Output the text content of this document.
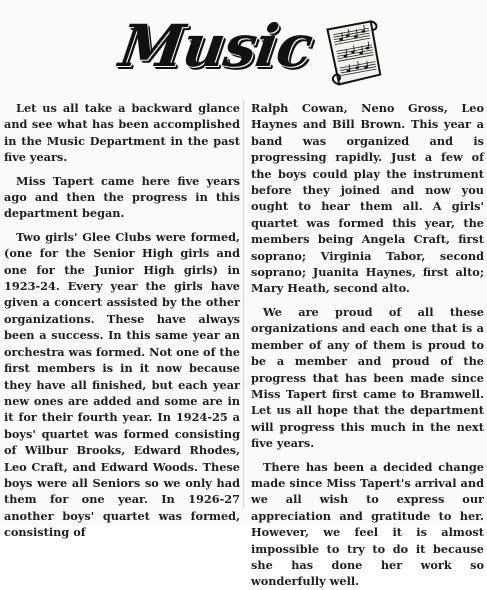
Music

Let us all take a backward glance and see what has been accomplished in the Music Department in the past five years.

Miss Tapert came here five years ago and then the progress in this department began.

Two girls' Glee Clubs were formed, (one for the Senior High girls and one for the Junior High girls) in 1923-24. Every year the girls have given a concert assisted by the other organizations. These have always been a success. In this same year an orchestra was formed. Not one of the first members is in it now because they have all finished, but each year new ones are added and some are in it for their fourth year. In 1924-25 a boys' quartet was formed consisting of Wilbur Brooks, Edward Rhodes, Leo Craft, and Edward Woods. These boys were all Seniors so we only had them for one year. In 1926-27 another boys' quartet was formed, consisting of

Ralph Cowan, Neno Gross, Leo Haynes and Bill Brown. This year a band was organized and is progressing rapidly. Just a few of the boys could play the instrument before they joined and now you ought to hear them all. A girls' quartet was formed this year, the members being Angela Craft, first soprano; Virginia Tabor, second soprano; Juanita Haynes, first alto; Mary Heath, second alto.

We are proud of all these organizations and each one that is a member of any of them is proud to be a member and proud of the progress that has been made since Miss Tapert first came to Bramwell. Let us all hope that the department will progress this much in the next five years.

There has been a decided change made since Miss Tapert's arrival and we all wish to express our appreciation and gratitude to her. However, we feel it is almost impossible to try to do it because she has done her work so wonderfully well.
